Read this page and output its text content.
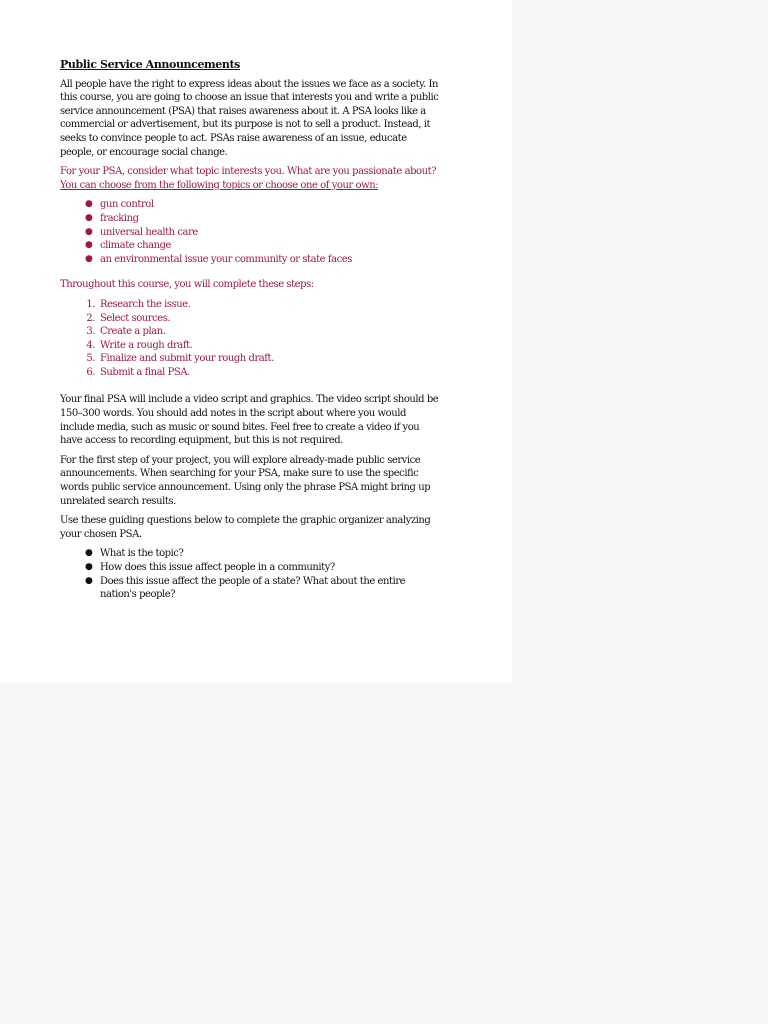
Public Service Announcements

All people have the right to express ideas about the issues we face as a society. In this course, you are going to choose an issue that interests you and write a public service announcement (PSA) that raises awareness about it. A PSA looks like a commercial or advertisement, but its purpose is not to sell a product. Instead, it seeks to convince people to act. PSAs raise awareness of an issue, educate people, or encourage social change.

For your PSA, consider what topic interests you. What are you passionate about? You can choose from the following topics or choose one of your own:

● gun control
● fracking
● universal health care
● climate change
● an environmental issue your community or state faces

Throughout this course, you will complete these steps:

1. Research the issue.
2. Select sources.
3. Create a plan.
4. Write a rough draft.
5. Finalize and submit your rough draft.
6. Submit a final PSA.

Your final PSA will include a video script and graphics. The video script should be 150–300 words. You should add notes in the script about where you would include media, such as music or sound bites. Feel free to create a video if you have access to recording equipment, but this is not required.

For the first step of your project, you will explore already-made public service announcements. When searching for your PSA, make sure to use the specific words public service announcement. Using only the phrase PSA might bring up unrelated search results.

Use these guiding questions below to complete the graphic organizer analyzing your chosen PSA.

● What is the topic?
● How does this issue affect people in a community?
● Does this issue affect the people of a state? What about the entire nation's people?
